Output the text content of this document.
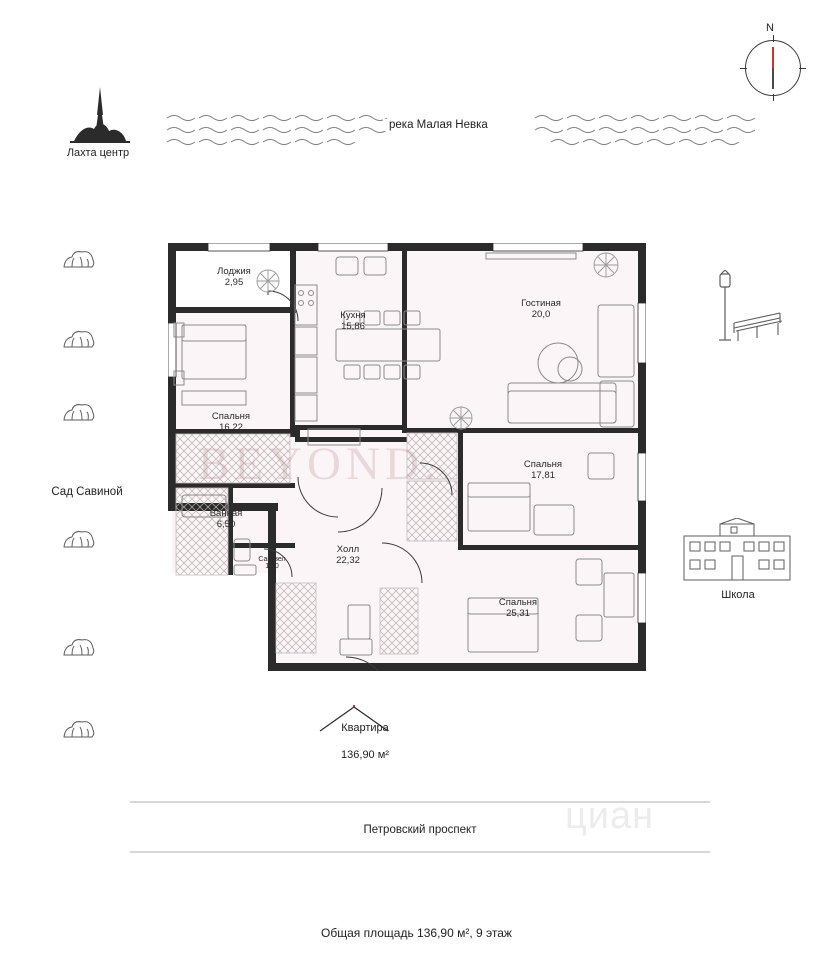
N
река Малая Невка
Лахта центр
Сад Савиной
Школа
BEYOND.
циан
Лоджия
2,95
Кухня
15,86
Гостиная
20,0
Спальня
16,22
Спальня
17,81
Ванная
6,50
Санузел
1,40
Холл
22,32
Спальня
25,31

Квартира

136,90 м²

Петровский проспект
Общая площадь 136,90 м², 9 этаж
